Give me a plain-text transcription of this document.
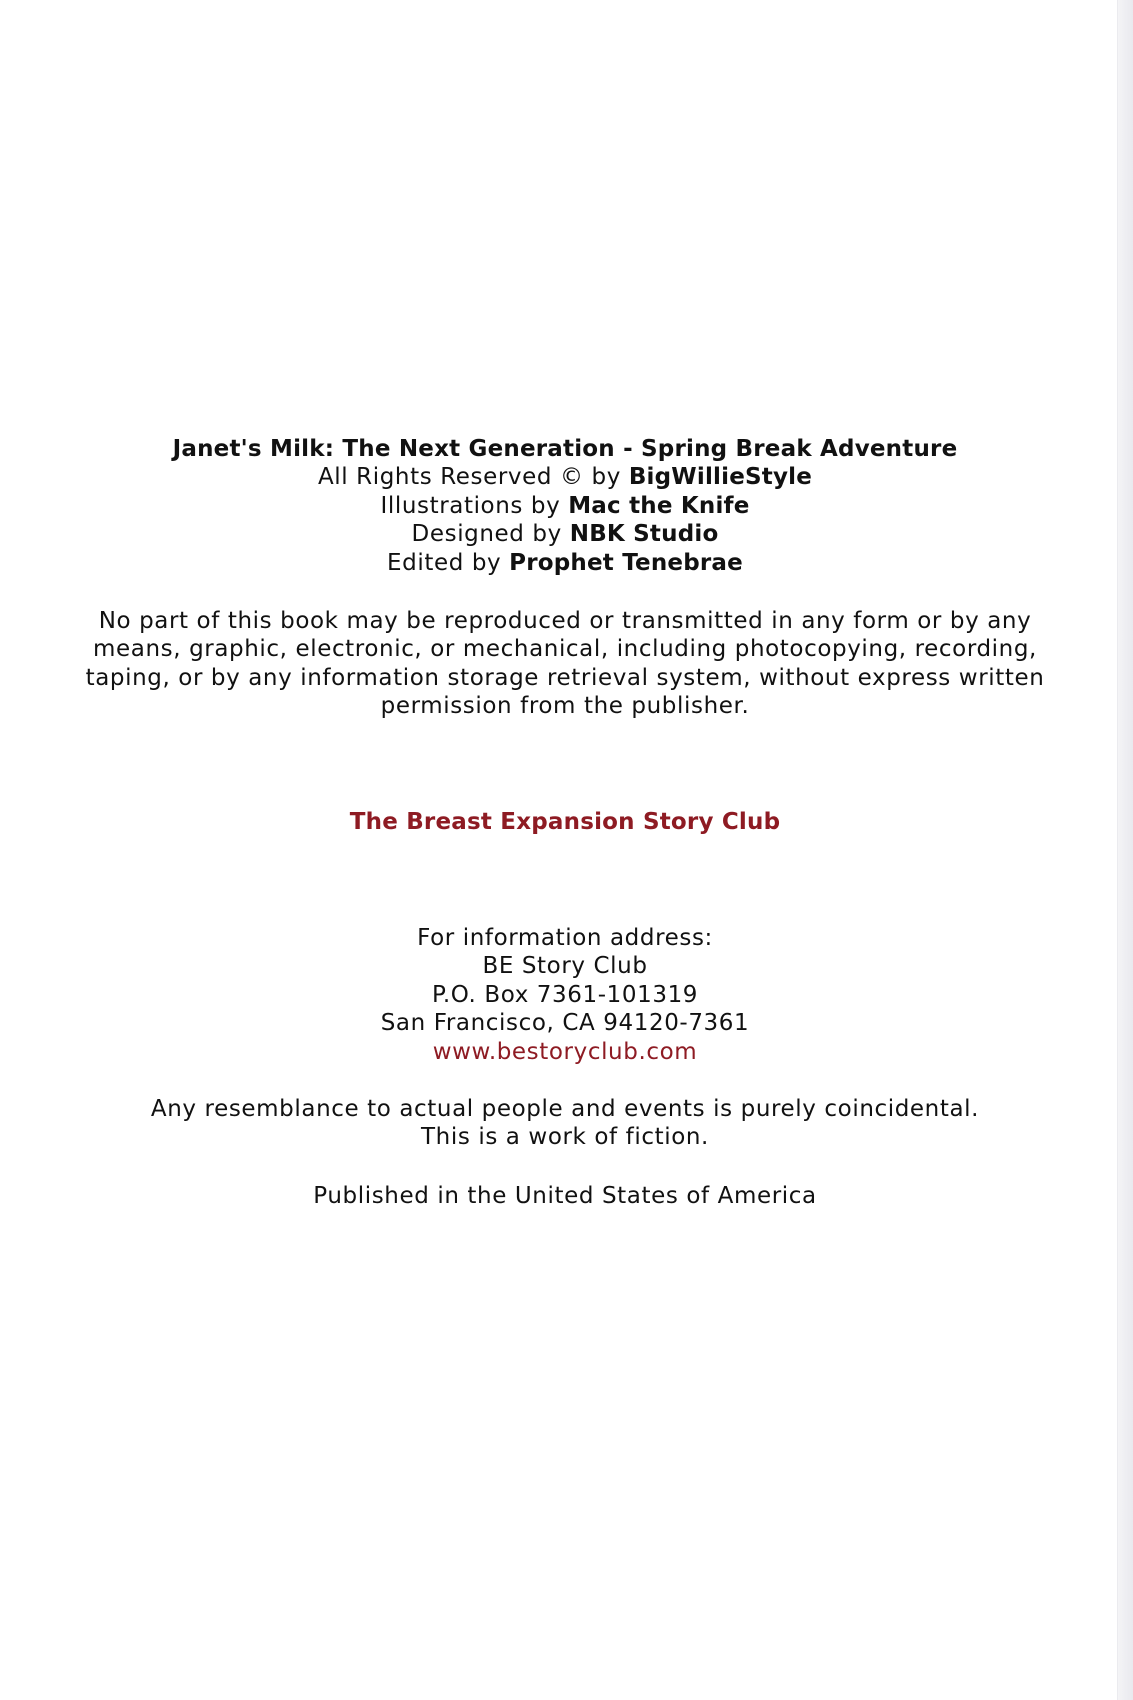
Janet's Milk: The Next Generation - Spring Break Adventure
All Rights Reserved © by BigWillieStyle
Illustrations by Mac the Knife
Designed by NBK Studio
Edited by Prophet Tenebrae
No part of this book may be reproduced or transmitted in any form or by any
means, graphic, electronic, or mechanical, including photocopying, recording,
taping, or by any information storage retrieval system, without express written
permission from the publisher.
The Breast Expansion Story Club
For information address:
BE Story Club
P.O. Box 7361-101319
San Francisco, CA 94120-7361
www.bestoryclub.com
Any resemblance to actual people and events is purely coincidental.
This is a work of fiction.
Published in the United States of America
